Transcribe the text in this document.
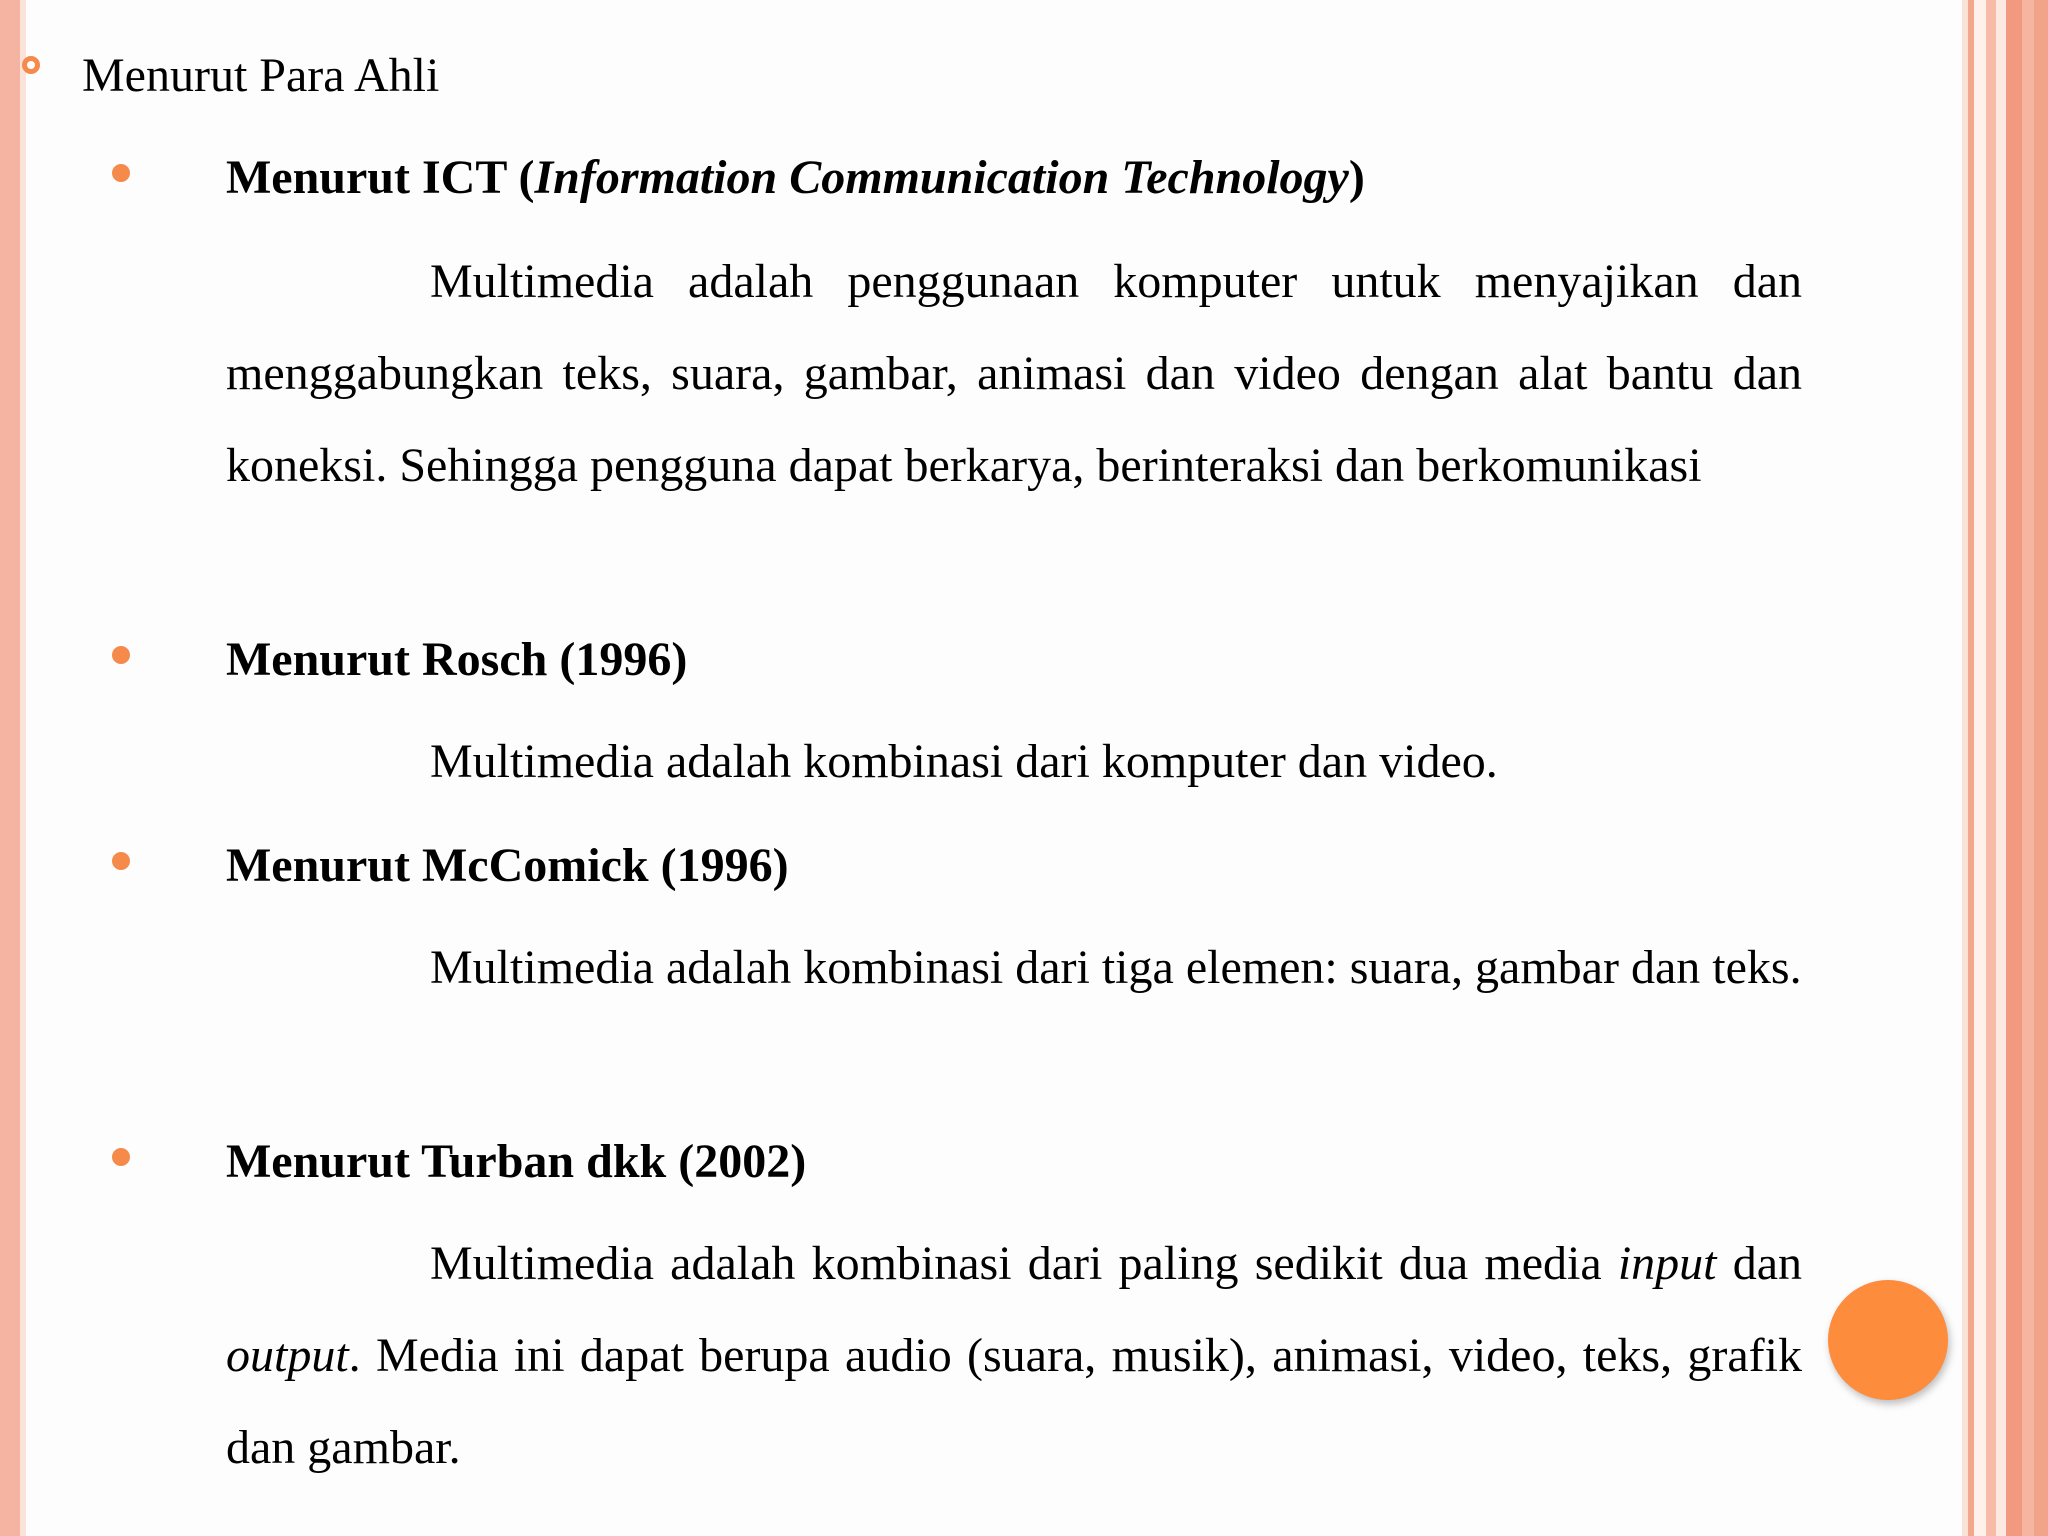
Menurut Para Ahli
Menurut ICT (Information Communication Technology)
Multimedia adalah penggunaan komputer untuk menyajikan dan menggabungkan teks, suara, gambar, animasi dan video dengan alat bantu dan koneksi. Sehingga pengguna dapat berkarya, berinteraksi dan berkomunikasi
Menurut Rosch (1996)
Multimedia adalah kombinasi dari komputer dan video.
Menurut McComick (1996)
Multimedia adalah kombinasi dari tiga elemen: suara, gambar dan teks.
Menurut Turban dkk (2002)
Multimedia adalah kombinasi dari paling sedikit dua media input dan output. Media ini dapat berupa audio (suara, musik), animasi, video, teks, grafik dan gambar.
